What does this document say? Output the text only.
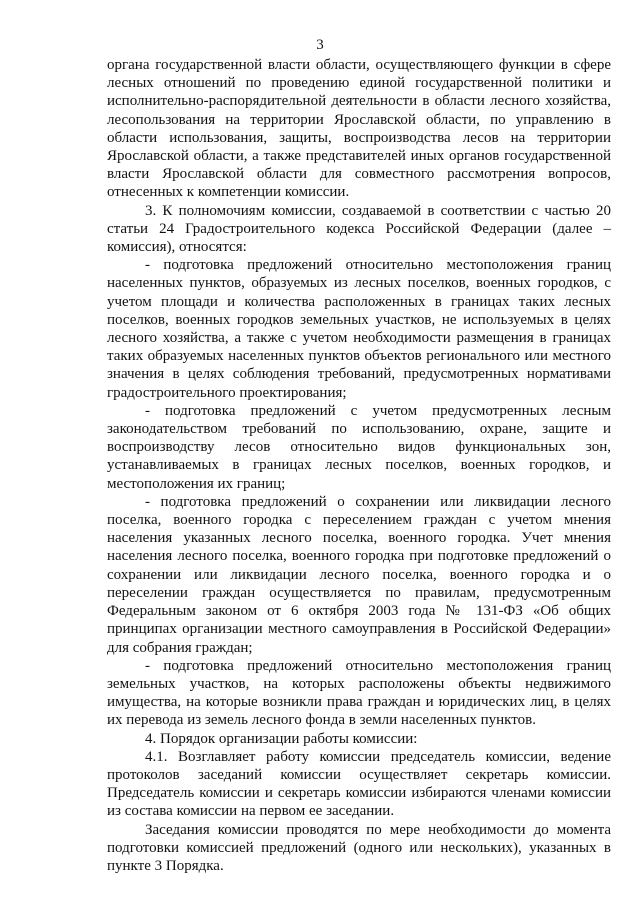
3

органа государственной власти области, осуществляющего функции в сфере лесных отношений по проведению единой государственной политики и исполнительно-распорядительной деятельности в области лесного хозяйства, лесопользования на территории Ярославской области, по управлению в области использования, защиты, воспроизводства лесов на территории Ярославской области, а также представителей иных органов государственной власти Ярославской области для совместного рассмотрения вопросов, отнесенных к компетенции комиссии.

3. К полномочиям комиссии, создаваемой в соответствии с частью 20 статьи 24 Градостроительного кодекса Российской Федерации (далее – комиссия), относятся:

- подготовка предложений относительно местоположения границ населенных пунктов, образуемых из лесных поселков, военных городков, с учетом площади и количества расположенных в границах таких лесных поселков, военных городков земельных участков, не используемых в целях лесного хозяйства, а также с учетом необходимости размещения в границах таких образуемых населенных пунктов объектов регионального или местного значения в целях соблюдения требований, предусмотренных нормативами градостроительного проектирования;

- подготовка предложений с учетом предусмотренных лесным законодательством требований по использованию, охране, защите и воспроизводству лесов относительно видов функциональных зон, устанавливаемых в границах лесных поселков, военных городков, и местоположения их границ;

- подготовка предложений о сохранении или ликвидации лесного поселка, военного городка с переселением граждан с учетом мнения населения указанных лесного поселка, военного городка. Учет мнения населения лесного поселка, военного городка при подготовке предложений о сохранении или ликвидации лесного поселка, военного городка и о переселении граждан осуществляется по правилам, предусмотренным Федеральным законом от 6 октября 2003 года № 131-ФЗ «Об общих принципах организации местного самоуправления в Российской Федерации» для собрания граждан;

- подготовка предложений относительно местоположения границ земельных участков, на которых расположены объекты недвижимого имущества, на которые возникли права граждан и юридических лиц, в целях их перевода из земель лесного фонда в земли населенных пунктов.

4. Порядок организации работы комиссии:

4.1. Возглавляет работу комиссии председатель комиссии, ведение протоколов заседаний комиссии осуществляет секретарь комиссии. Председатель комиссии и секретарь комиссии избираются членами комиссии из состава комиссии на первом ее заседании.

Заседания комиссии проводятся по мере необходимости до момента подготовки комиссией предложений (одного или нескольких), указанных в пункте 3 Порядка.
